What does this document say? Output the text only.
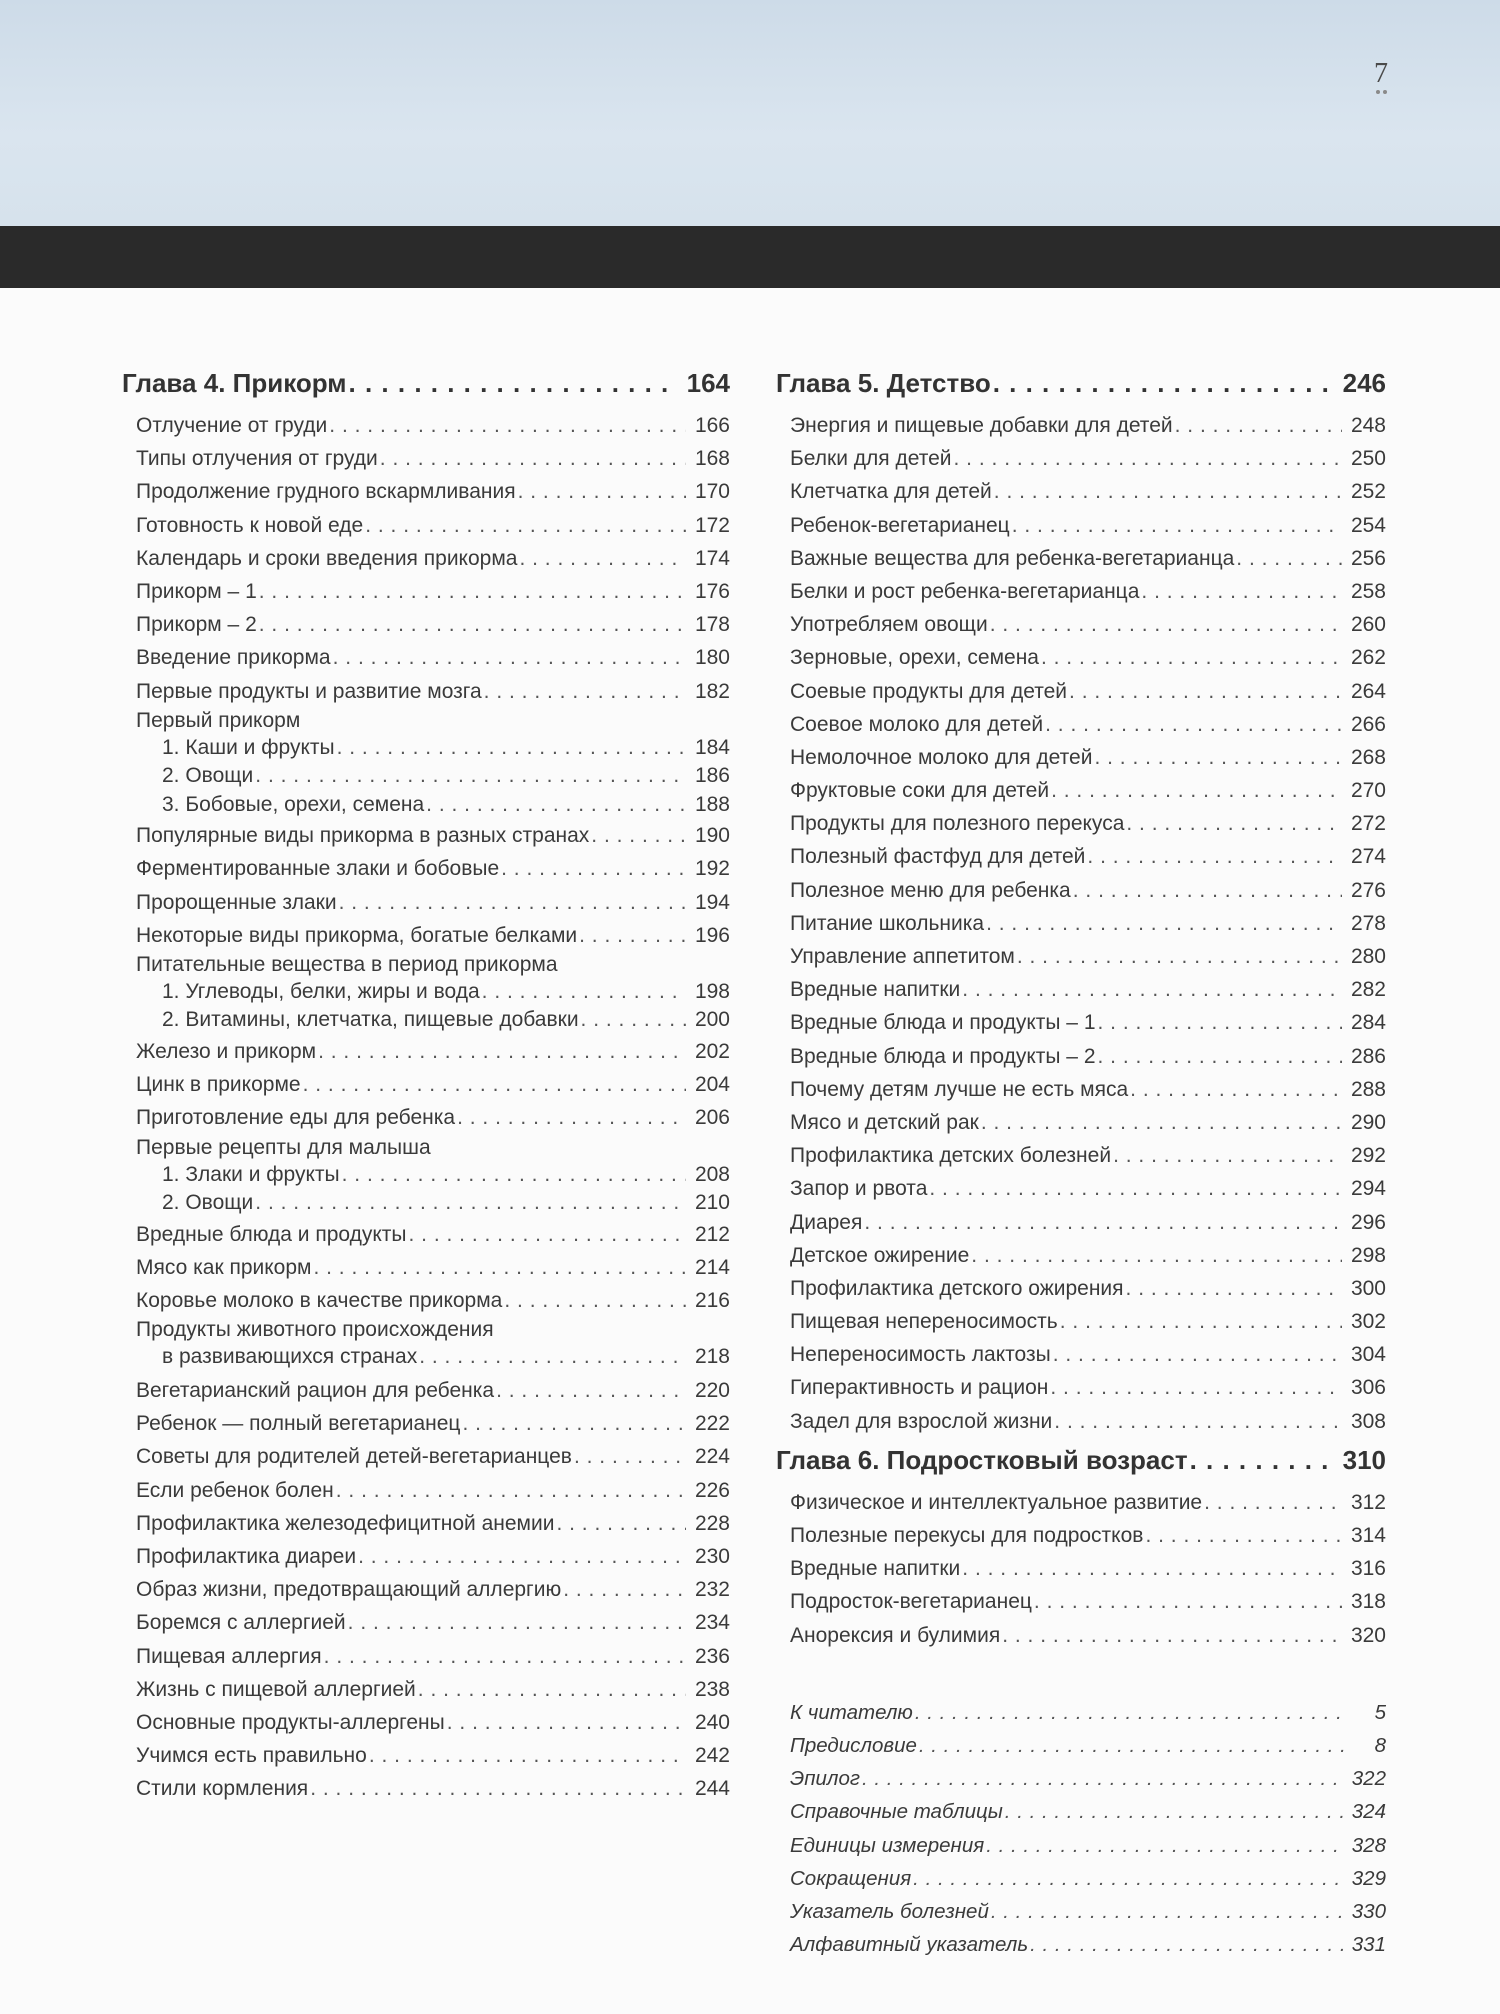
7
Глава 4. Прикорм . . .	164
Отлучение от груди . . .	166
Типы отлучения от груди . . .	168
Продолжение грудного вскармливания . . .	170
Готовность к новой еде . . .	172
Календарь и сроки введения прикорма . . .	174
Прикорм – 1 . . .	176
Прикорм – 2 . . .	178
Введение прикорма . . .	180
Первые продукты и развитие мозга . . .	182
Первый прикорм
1. Каши и фрукты . . .	184
2. Овощи . . .	186
3. Бобовые, орехи, семена . . .	188
Популярные виды прикорма в разных странах . . .	190
Ферментированные злаки и бобовые . . .	192
Пророщенные злаки . . .	194
Некоторые виды прикорма, богатые белками . . .	196
Питательные вещества в период прикорма
1. Углеводы, белки, жиры и вода . . .	198
2. Витамины, клетчатка, пищевые добавки . . .	200
Железо и прикорм . . .	202
Цинк в прикорме . . .	204
Приготовление еды для ребенка . . .	206
Первые рецепты для малыша
1. Злаки и фрукты . . .	208
2. Овощи . . .	210
Вредные блюда и продукты . . .	212
Мясо как прикорм . . .	214
Коровье молоко в качестве прикорма . . .	216
Продукты животного происхождения
в развивающихся странах . . .	218
Вегетарианский рацион для ребенка . . .	220
Ребенок — полный вегетарианец . . .	222
Советы для родителей детей-вегетарианцев . . .	224
Если ребенок болен . . .	226
Профилактика железодефицитной анемии . . .	228
Профилактика диареи . . .	230
Образ жизни, предотвращающий аллергию . . .	232
Боремся с аллергией . . .	234
Пищевая аллергия . . .	236
Жизнь с пищевой аллергией . . .	238
Основные продукты-аллергены . . .	240
Учимся есть правильно . . .	242
Стили кормления . . .	244
Глава 5. Детство . . .	246
Энергия и пищевые добавки для детей . . .	248
Белки для детей . . .	250
Клетчатка для детей . . .	252
Ребенок-вегетарианец . . .	254
Важные вещества для ребенка-вегетарианца . . .	256
Белки и рост ребенка-вегетарианца . . .	258
Употребляем овощи . . .	260
Зерновые, орехи, семена . . .	262
Соевые продукты для детей . . .	264
Соевое молоко для детей . . .	266
Немолочное молоко для детей . . .	268
Фруктовые соки для детей . . .	270
Продукты для полезного перекуса . . .	272
Полезный фастфуд для детей . . .	274
Полезное меню для ребенка . . .	276
Питание школьника . . .	278
Управление аппетитом . . .	280
Вредные напитки . . .	282
Вредные блюда и продукты – 1 . . .	284
Вредные блюда и продукты – 2 . . .	286
Почему детям лучше не есть мяса . . .	288
Мясо и детский рак . . .	290
Профилактика детских болезней . . .	292
Запор и рвота . . .	294
Диарея . . .	296
Детское ожирение . . .	298
Профилактика детского ожирения . . .	300
Пищевая непереносимость . . .	302
Непереносимость лактозы . . .	304
Гиперактивность и рацион . . .	306
Задел для взрослой жизни . . .	308
Глава 6. Подростковый возраст . . .	310
Физическое и интеллектуальное развитие . . .	312
Полезные перекусы для подростков . . .	314
Вредные напитки . . .	316
Подросток-вегетарианец . . .	318
Анорексия и булимия . . .	320
К читателю . . .	5
Предисловие . . .	8
Эпилог . . .	322
Справочные таблицы . . .	324
Единицы измерения . . .	328
Сокращения . . .	329
Указатель болезней . . .	330
Алфавитный указатель . . .	331
